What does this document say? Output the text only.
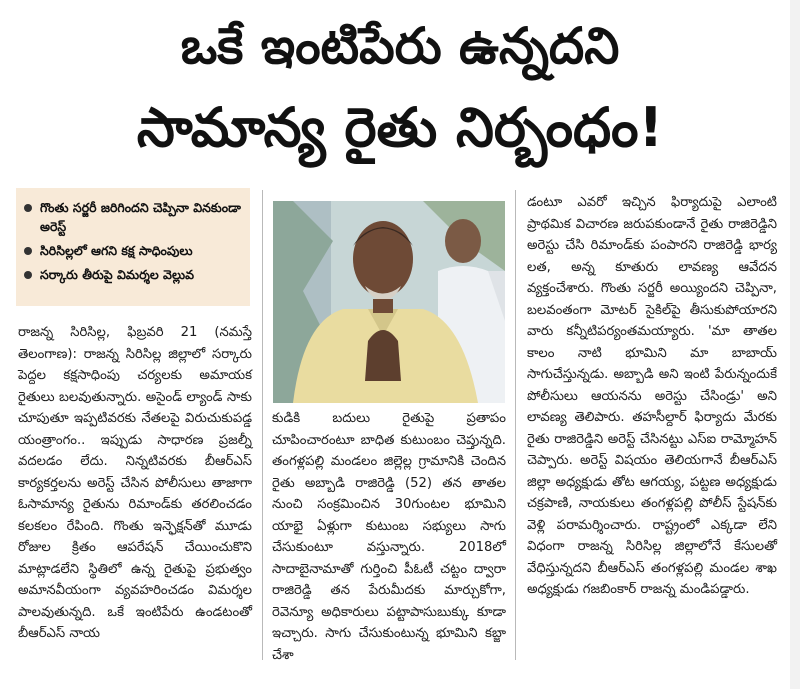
ఒకే ఇంటిపేరు ఉన్నదని
సామాన్య రైతు నిర్బంధం!
గొంతు సర్జరీ జరిగిందని చెప్పినా వినకుండా అరెస్ట్
సిరిసిల్లలో ఆగని కక్ష సాధింపులు
సర్కారు తీరుపై విమర్శల వెల్లువ

రాజన్న సిరిసిల్ల, ఫిబ్రవరి 21 (నమస్తే తెలంగాణ): రాజన్న సిరిసిల్ల జిల్లాలో సర్కారు పెద్దల కక్షసాధింపు చర్యలకు అమాయక రైతులు బలవుతున్నారు. అసైండ్ ల్యాండ్ సాకు చూపుతూ ఇప్పటివరకు నేతలపై విరుచుకుపడ్డ యంత్రాంగం.. ఇప్పుడు సాధారణ ప్రజల్నీ వదలడం లేదు. నిన్నటివరకు బీఆర్ఎస్ కార్యకర్తలను అరెస్ట్ చేసిన పోలీసులు తాజాగా ఓసామాన్య రైతును రిమాండ్‌కు తరలించడం కలకలం రేపింది. గొంతు ఇన్ఫెక్షన్‌తో మూడు రోజుల క్రితం ఆపరేషన్ చేయించుకొని మాట్లాడలేని స్థితిలో ఉన్న రైతుపై ప్రభుత్వం అమానవీయంగా వ్యవహరించడం విమర్శల పాలవుతున్నది. ఒకే ఇంటిపేరు ఉండటంతో బీఆర్ఎస్ నాయ

కుడికి బదులు రైతుపై ప్రతాపం చూపించారంటూ బాధిత కుటుంబం చెప్తున్నది. తంగళ్లపల్లి మండలం జిల్లెల్ల గ్రామానికి చెందిన రైతు అబ్బాడి రాజిరెడ్డి (52) తన తాతల నుంచి సంక్రమించిన 30గుంటల భూమిని యాభై ఏళ్లుగా కుటుంబ సభ్యులు సాగు చేసుకుంటూ వస్తున్నారు. 2018లో సాదాబైనామాతో గుర్తించి పీఓటీ చట్టం ద్వారా రాజిరెడ్డి తన పేరుమీదకు మార్చుకోగా, రెవెన్యూ అధికారులు పట్టాపాసుబుక్కు కూడా ఇచ్చారు. సాగు చేసుకుంటున్న భూమిని కబ్జా చేశా

డంటూ ఎవరో ఇచ్చిన ఫిర్యాదుపై ఎలాంటి ప్రాథమిక విచారణ జరుపకుండానే రైతు రాజిరెడ్డిని అరెస్టు చేసి రిమాండ్‌కు పంపారని రాజిరెడ్డి భార్య లత, అన్న కూతురు లావణ్య ఆవేదన వ్యక్తంచేశారు. గొంతు సర్జరీ అయ్యిందని చెప్పినా, బలవంతంగా మోటర్ సైకిల్‌పై తీసుకుపోయారని వారు కన్నీటిపర్యంతమయ్యారు. 'మా తాతల కాలం నాటి భూమిని మా బాబాయ్ సాగుచేస్తున్నడు. అబ్బాడి అని ఇంటి పేరున్నందుకే పోలీసులు ఆయనను అరెస్టు చేసిండ్రు' అని లావణ్య తెలిపారు. తహసీల్దార్ ఫిర్యాదు మేరకు రైతు రాజిరెడ్డిని అరెస్ట్ చేసినట్టు ఎస్ఐ రామ్మోహన్ చెప్పారు. అరెస్ట్ విషయం తెలియగానే బీఆర్ఎస్ జిల్లా అధ్యక్షుడు తోట ఆగయ్య, పట్టణ అధ్యక్షుడు చక్రపాణి, నాయకులు తంగళ్లపల్లి పోలీస్ స్టేషన్‌కు వెళ్లి పరామర్శించారు. రాష్ట్రంలో ఎక్కడా లేని విధంగా రాజన్న సిరిసిల్ల జిల్లాలోనే కేసులతో వేధిస్తున్నదని బీఆర్ఎస్ తంగళ్లపల్లి మండల శాఖ అధ్యక్షుడు గజబింకార్ రాజన్న మండిపడ్డారు.
